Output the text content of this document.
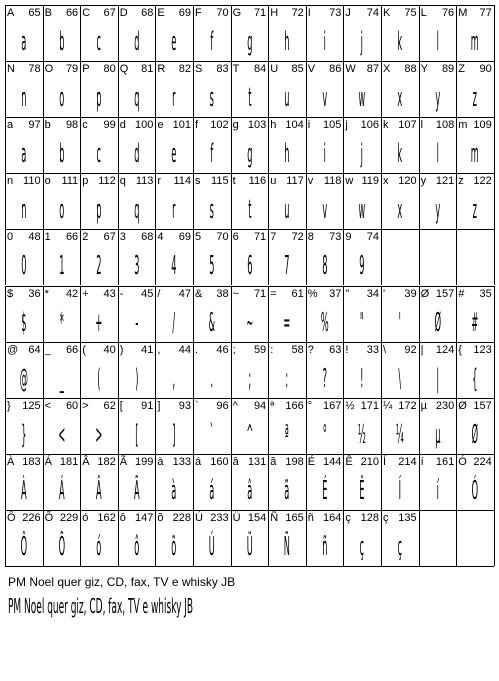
A 65
a
B 66
b
C 67
c
D 68
d
E 69
e
F 70
f
G 71
g
H 72
h
I 73
i
J 74
j
K 75
k
L 76
l
M 77
m
N 78
n
O 79
o
P 80
p
Q 81
q
R 82
r
S 83
s
T 84
t
U 85
u
V 86
v
W 87
w
X 88
x
Y 89
y
Z 90
z
a 97
a
b 98
b
c 99
c
d 100
d
e 101
e
f 102
f
g 103
g
h 104
h
i 105
i
j 106
j
k 107
k
l 108
l
m 109
m
n 110
n
o 111
o
p 112
p
q 113
q
r 114
r
s 115
s
t 116
t
u 117
u
v 118
v
w 119
w
x 120
x
y 121
y
z 122
z
0 48
0
1 66
1
2 67
2
3 68
3
4 69
4
5 70
5
6 71
6
7 72
7
8 73
8
9 74
9
$ 36
$
* 42
*
+ 43
+
- 45
-
/ 47
/
& 38
&
~ 71
~
= 61
=
% 37
%
" 34
"
' 39
'
Ø 157
Ø
# 35
#
@ 64
@
_ 66
_
( 40
(
) 41
)
, 44
,
. 46
.
; 59
;
: 58
:
? 63
?
! 33
!
\ 92
\
| 124
|
{ 123
{
} 125
}
< 60
<
> 62
>
[ 91
[
] 93
]
` 96
`
^ 94
^
ª 166
ª
° 167
°
½ 171
½
¼ 172
¼
µ 230
µ
Ø 157
Ø
À 183
À
Á 181
Á
Â 182
Â
Ã 199
Ã
à 133
à
á 160
á
â 131
â
ã 198
ã
É 144
É
Ê 210
Ê
Í 214
Í
í 161
í
Ó 224
Ó
Ô 226
Ô
Õ 229
Õ
ó 162
ó
ô 147
ô
õ 228
õ
Ú 233
Ú
Ü 154
Ü
Ñ 165
Ñ
ñ 164
ñ
ç 128
ç
ç 135
ç
PM Noel quer giz, CD, fax, TV e whisky JB
PM Noel quer giz, CD, fax, TV e whisky JB
